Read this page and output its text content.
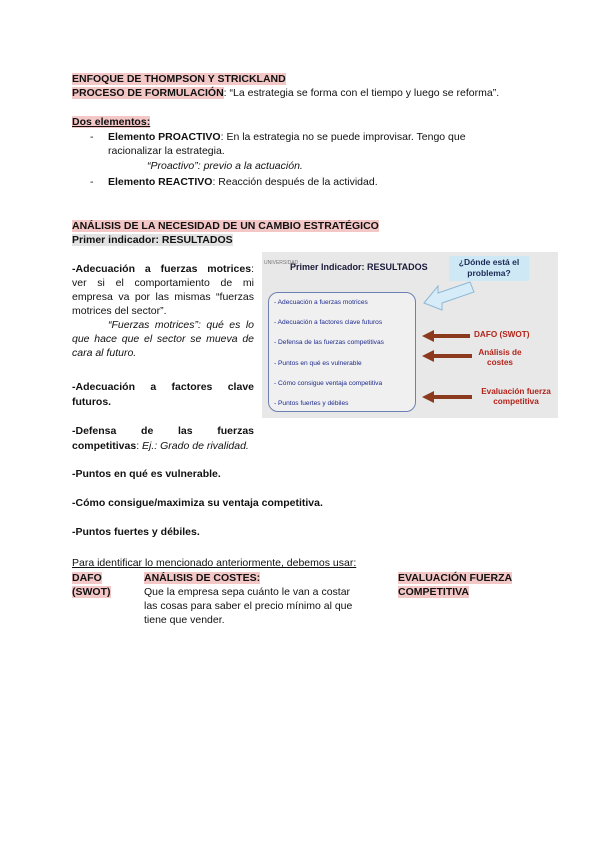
ENFOQUE DE THOMPSON Y STRICKLAND
PROCESO DE FORMULACIÓN: “La estrategia se forma con el tiempo y luego se reforma”.
Dos elementos:
- Elemento PROACTIVO: En la estrategia no se puede improvisar. Tengo que
racionalizar la estrategia.
“Proactivo”: previo a la actuación.
- Elemento REACTIVO: Reacción después de la actividad.
ANÁLISIS DE LA NECESIDAD DE UN CAMBIO ESTRATÉGICO
Primer indicador: RESULTADOS
-Adecuación a fuerzas motrices:
ver si el comportamiento de mi
empresa va por las mismas “fuerzas
motrices del sector”.
“Fuerzas motrices”: qué es lo
que hace que el sector se mueva de
cara al futuro.
-Adecuación a factores clave
futuros.
-Defensa de las fuerzas
competitivas: Ej.: Grado de rivalidad.
-Puntos en qué es vulnerable.
-Cómo consigue/maximiza su ventaja competitiva.
-Puntos fuertes y débiles.
UNIVERSIDAD
Primer Indicador: RESULTADOS	¿Dónde está el problema?
- Adecuación a fuerzas motrices
- Adecuación a factores clave futuros
- Defensa de las fuerzas competitivas
- Puntos en qué es vulnerable
- Cómo consigue ventaja competitiva
- Puntos fuertes y débiles
DAFO (SWOT)
Análisis de costes
Evaluación fuerza competitiva
Para identificar lo mencionado anteriormente, debemos usar:
DAFO
(SWOT)
ANÁLISIS DE COSTES:
Que la empresa sepa cuánto le van a costar
las cosas para saber el precio mínimo al que
tiene que vender.
EVALUACIÓN FUERZA
COMPETITIVA
